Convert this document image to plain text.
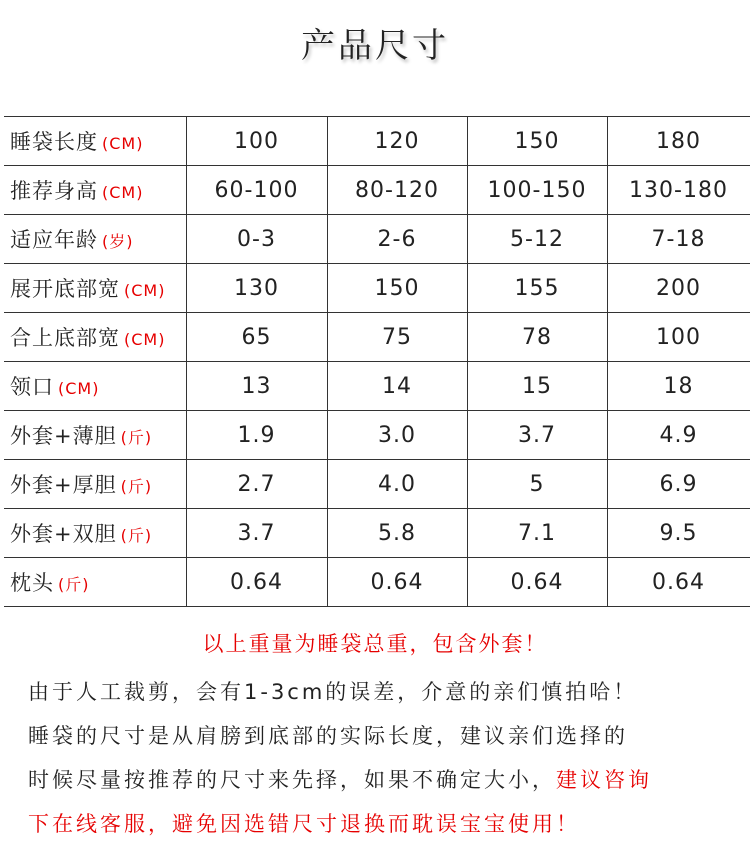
产品尺寸
睡袋长度 (CM)	100	120	150	180
推荐身高 (CM)	60-100	80-120	100-150	130-180
适应年龄 (岁)	0-3	2-6	5-12	7-18
展开底部宽 (CM)	130	150	155	200
合上底部宽 (CM)	65	75	78	100
领口 (CM)	13	14	15	18
外套+薄胆 (斤)	1.9	3.0	3.7	4.9
外套+厚胆 (斤)	2.7	4.0	5	6.9
外套+双胆 (斤)	3.7	5.8	7.1	9.5
枕头 (斤)	0.64	0.64	0.64	0.64

以上重量为睡袋总重，包含外套！

由于人工裁剪，会有1-3cm的误差，介意的亲们慎拍哈！

睡袋的尺寸是从肩膀到底部的实际长度，建议亲们选择的

时候尽量按推荐的尺寸来先择，如果不确定大小，建议咨询

下在线客服，避免因选错尺寸退换而耽误宝宝使用！
